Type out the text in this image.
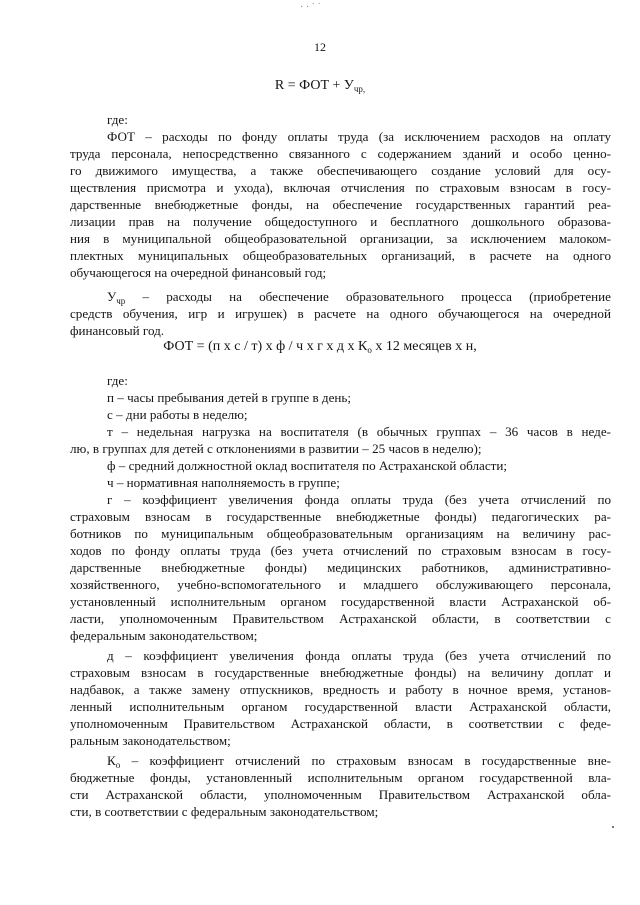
· · ˙ ˙
12
R = ФОТ + $У_{чр,}$
где:
ФОТ – расходы по фонду оплаты труда (за исключением расходов на оплату
труда персонала, непосредственно связанного с содержанием зданий и особо ценно-
го движимого имущества, а также обеспечивающего создание условий для осу-
ществления присмотра и ухода), включая отчисления по страховым взносам в госу-
дарственные внебюджетные фонды, на обеспечение государственных гарантий реа-
лизации прав на получение общедоступного и бесплатного дошкольного образова-
ния в муниципальной общеобразовательной организации, за исключением малоком-
плектных муниципальных общеобразовательных организаций, в расчете на одного
обучающегося на очередной финансовый год;
$У_{чр}$ – расходы на обеспечение образовательного процесса (приобретение
средств обучения, игр и игрушек) в расчете на одного обучающегося на очередной
финансовый год.
ФОТ = (п х с / т) х ф / ч х г х д х $К_о$ х 12 месяцев х н,
где:
п – часы пребывания детей в группе в день;
с – дни работы в неделю;
т – недельная нагрузка на воспитателя (в обычных группах – 36 часов в неде-
лю, в группах для детей с отклонениями в развитии – 25 часов в неделю);
ф – средний должностной оклад воспитателя по Астраханской области;
ч – нормативная наполняемость в группе;
г – коэффициент увеличения фонда оплаты труда (без учета отчислений по
страховым взносам в государственные внебюджетные фонды) педагогических ра-
ботников по муниципальным общеобразовательным организациям на величину рас-
ходов по фонду оплаты труда (без учета отчислений по страховым взносам в госу-
дарственные внебюджетные фонды) медицинских работников, административно-
хозяйственного, учебно-вспомогательного и младшего обслуживающего персонала,
установленный исполнительным органом государственной власти Астраханской об-
ласти, уполномоченным Правительством Астраханской области, в соответствии с
федеральным законодательством;
д – коэффициент увеличения фонда оплаты труда (без учета отчислений по
страховым взносам в государственные внебюджетные фонды) на величину доплат и
надбавок, а также замену отпускников, вредность и работу в ночное время, установ-
ленный исполнительным органом государственной власти Астраханской области,
уполномоченным Правительством Астраханской области, в соответствии с феде-
ральным законодательством;
$К_о$ – коэффициент отчислений по страховым взносам в государственные вне-
бюджетные фонды, установленный исполнительным органом государственной вла-
сти Астраханской области, уполномоченным Правительством Астраханской обла-
сти, в соответствии с федеральным законодательством;
